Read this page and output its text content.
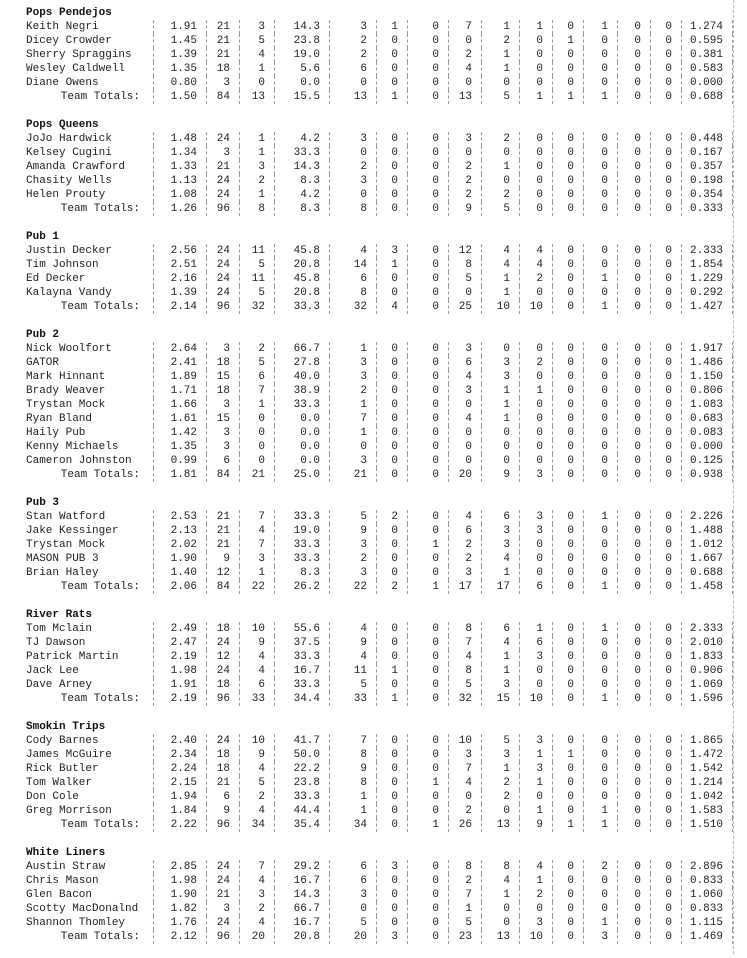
Pops Pendejos
Keith Negri	1.91	21	3	14.3	3	1	0	7	1	1	0	1	0	0	1.274
Dicey Crowder	1.45	21	5	23.8	2	0	0	0	2	0	1	0	0	0	0.595
Sherry Spraggins	1.39	21	4	19.0	2	0	0	2	1	0	0	0	0	0	0.381
Wesley Caldwell	1.35	18	1	5.6	6	0	0	4	1	0	0	0	0	0	0.583
Diane Owens	0.80	3	0	0.0	0	0	0	0	0	0	0	0	0	0	0.000
Team Totals:	1.50	84	13	15.5	13	1	0	13	5	1	1	1	0	0	0.688
Pops Queens
JoJo Hardwick	1.48	24	1	4.2	3	0	0	3	2	0	0	0	0	0	0.448
Kelsey Cugini	1.34	3	1	33.3	0	0	0	0	0	0	0	0	0	0	0.167
Amanda Crawford	1.33	21	3	14.3	2	0	0	2	1	0	0	0	0	0	0.357
Chasity Wells	1.13	24	2	8.3	3	0	0	2	0	0	0	0	0	0	0.198
Helen Prouty	1.08	24	1	4.2	0	0	0	2	2	0	0	0	0	0	0.354
Team Totals:	1.26	96	8	8.3	8	0	0	9	5	0	0	0	0	0	0.333
Pub 1
Justin Decker	2.56	24	11	45.8	4	3	0	12	4	4	0	0	0	0	2.333
Tim Johnson	2.51	24	5	20.8	14	1	0	8	4	4	0	0	0	0	1.854
Ed Decker	2.16	24	11	45.8	6	0	0	5	1	2	0	1	0	0	1.229
Kalayna Vandy	1.39	24	5	20.8	8	0	0	0	1	0	0	0	0	0	0.292
Team Totals:	2.14	96	32	33.3	32	4	0	25	10	10	0	1	0	0	1.427
Pub 2
Nick Woolfort	2.64	3	2	66.7	1	0	0	3	0	0	0	0	0	0	1.917
GATOR	2.41	18	5	27.8	3	0	0	6	3	2	0	0	0	0	1.486
Mark Hinnant	1.89	15	6	40.0	3	0	0	4	3	0	0	0	0	0	1.150
Brady Weaver	1.71	18	7	38.9	2	0	0	3	1	1	0	0	0	0	0.806
Trystan Mock	1.66	3	1	33.3	1	0	0	0	1	0	0	0	0	0	1.083
Ryan Bland	1.61	15	0	0.0	7	0	0	4	1	0	0	0	0	0	0.683
Haily Pub	1.42	3	0	0.0	1	0	0	0	0	0	0	0	0	0	0.083
Kenny Michaels	1.35	3	0	0.0	0	0	0	0	0	0	0	0	0	0	0.000
Cameron Johnston	0.99	6	0	0.0	3	0	0	0	0	0	0	0	0	0	0.125
Team Totals:	1.81	84	21	25.0	21	0	0	20	9	3	0	0	0	0	0.938
Pub 3
Stan Watford	2.53	21	7	33.3	5	2	0	4	6	3	0	1	0	0	2.226
Jake Kessinger	2.13	21	4	19.0	9	0	0	6	3	3	0	0	0	0	1.488
Trystan Mock	2.02	21	7	33.3	3	0	1	2	3	0	0	0	0	0	1.012
MASON PUB 3	1.90	9	3	33.3	2	0	0	2	4	0	0	0	0	0	1.667
Brian Haley	1.40	12	1	8.3	3	0	0	3	1	0	0	0	0	0	0.688
Team Totals:	2.06	84	22	26.2	22	2	1	17	17	6	0	1	0	0	1.458
River Rats
Tom Mclain	2.49	18	10	55.6	4	0	0	8	6	1	0	1	0	0	2.333
TJ Dawson	2.47	24	9	37.5	9	0	0	7	4	6	0	0	0	0	2.010
Patrick Martin	2.19	12	4	33.3	4	0	0	4	1	3	0	0	0	0	1.833
Jack Lee	1.98	24	4	16.7	11	1	0	8	1	0	0	0	0	0	0.906
Dave Arney	1.91	18	6	33.3	5	0	0	5	3	0	0	0	0	0	1.069
Team Totals:	2.19	96	33	34.4	33	1	0	32	15	10	0	1	0	0	1.596
Smokin Trips
Cody Barnes	2.40	24	10	41.7	7	0	0	10	5	3	0	0	0	0	1.865
James McGuire	2.34	18	9	50.0	8	0	0	3	3	1	1	0	0	0	1.472
Rick Butler	2.24	18	4	22.2	9	0	0	7	1	3	0	0	0	0	1.542
Tom Walker	2.15	21	5	23.8	8	0	1	4	2	1	0	0	0	0	1.214
Don Cole	1.94	6	2	33.3	1	0	0	0	2	0	0	0	0	0	1.042
Greg Morrison	1.84	9	4	44.4	1	0	0	2	0	1	0	1	0	0	1.583
Team Totals:	2.22	96	34	35.4	34	0	1	26	13	9	1	1	0	0	1.510
White Liners
Austin Straw	2.85	24	7	29.2	6	3	0	8	8	4	0	2	0	0	2.896
Chris Mason	1.98	24	4	16.7	6	0	0	2	4	1	0	0	0	0	0.833
Glen Bacon	1.90	21	3	14.3	3	0	0	7	1	2	0	0	0	0	1.060
Scotty MacDonalnd	1.82	3	2	66.7	0	0	0	1	0	0	0	0	0	0	0.833
Shannon Thomley	1.76	24	4	16.7	5	0	0	5	0	3	0	1	0	0	1.115
Team Totals:	2.12	96	20	20.8	20	3	0	23	13	10	0	3	0	0	1.469
